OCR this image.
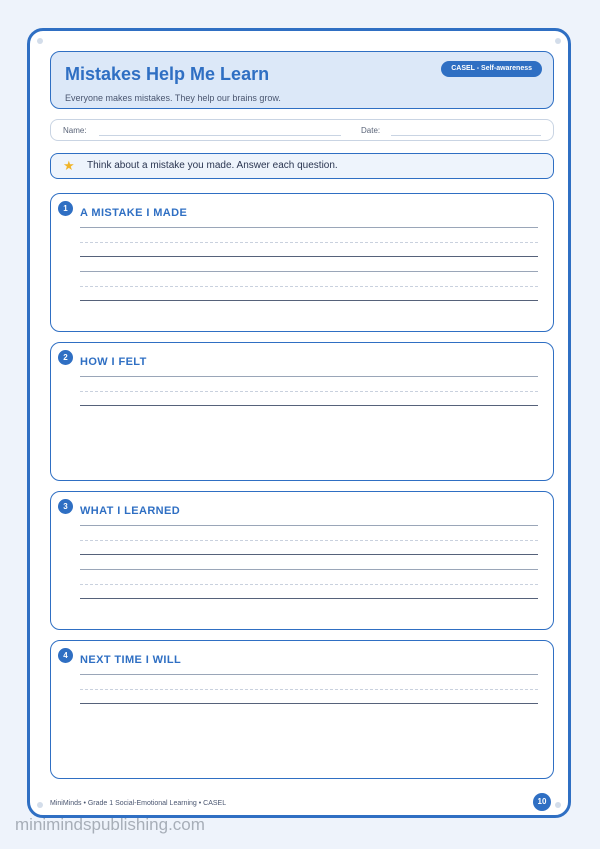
Mistakes Help Me Learn
Everyone makes mistakes. They help our brains grow.
CASEL - Self-awareness
Name:	Date:
★ Think about a mistake you made. Answer each question.
1	A MISTAKE I MADE
2	HOW I FELT
3	WHAT I LEARNED
4	NEXT TIME I WILL
MiniMinds • Grade 1 Social-Emotional Learning • CASEL	10
minimindspublishing.com
